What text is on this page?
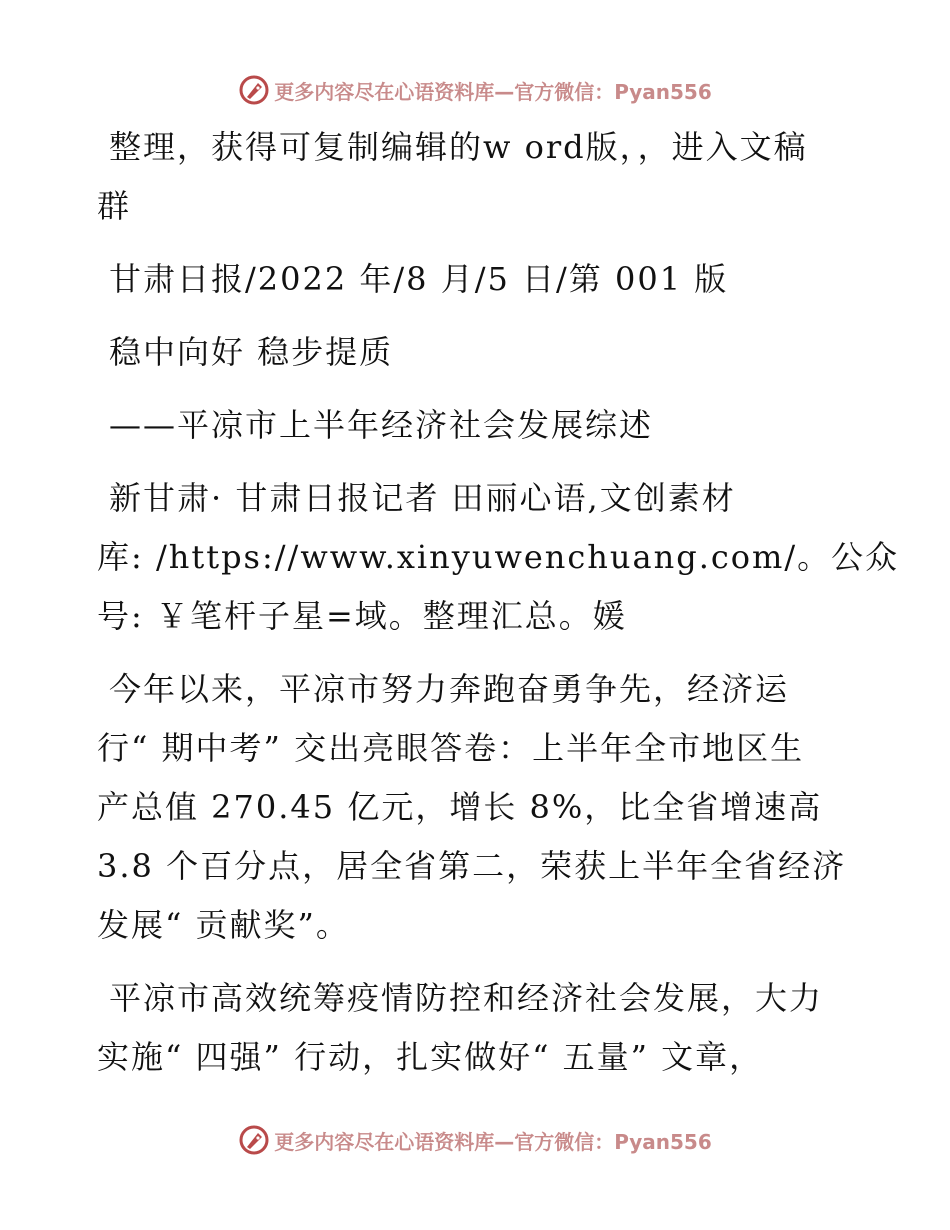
更多内容尽在心语资料库—官方微信：Pyan556

整理，获得可复制编辑的w ord版，，进入文稿
群

甘肃日报/2022 年/8 月/5 日/第 001 版

稳中向好 稳步提质

——平凉市上半年经济社会发展综述

新甘肃· 甘肃日报记者 田丽心语,文创素材
库: /https://www.xinyuwenchuang.com/。公众
号: ￥笔杆子星=域。整理汇总。媛

今年以来，平凉市努力奔跑奋勇争先，经济运
行“ 期中考” 交出亮眼答卷：上半年全市地区生
产总值 270.45 亿元，增长 8%，比全省增速高
3.8 个百分点，居全省第二，荣获上半年全省经济
发展“ 贡献奖”。

平凉市高效统筹疫情防控和经济社会发展，大力
实施“ 四强” 行动，扎实做好“ 五量” 文章，

更多内容尽在心语资料库—官方微信：Pyan556
